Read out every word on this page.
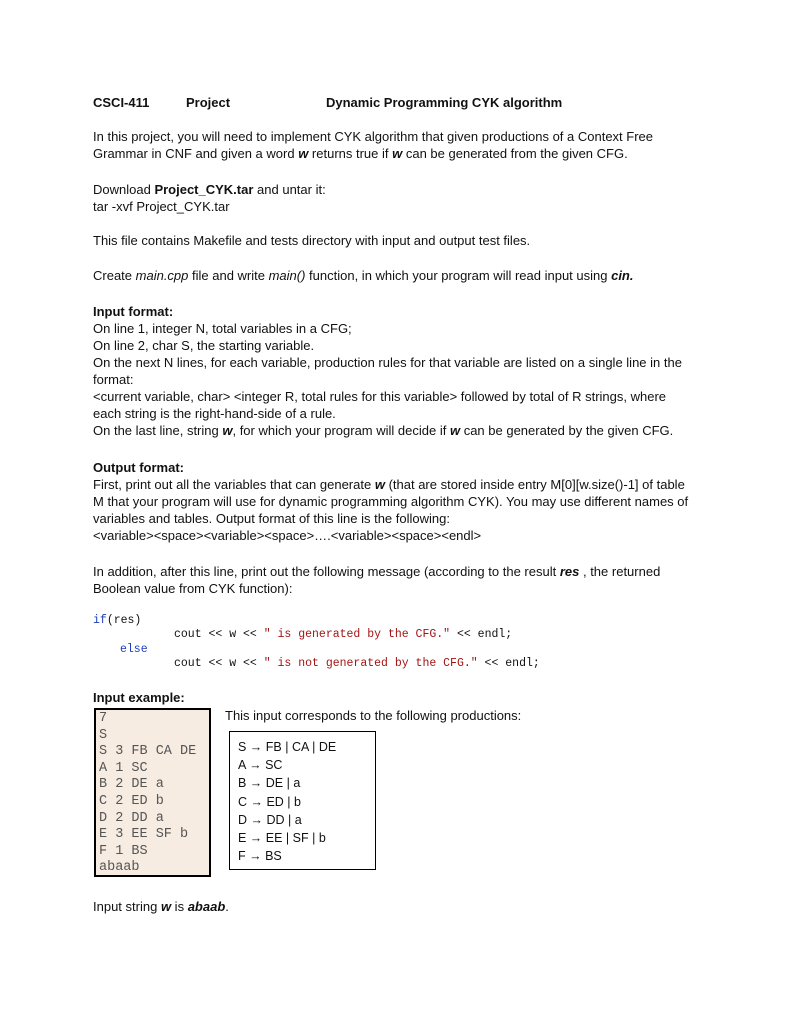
CSCI-411	Project	Dynamic Programming CYK algorithm
In this project, you will need to implement CYK algorithm that given productions of a Context Free
Grammar in CNF and given a word w returns true if w can be generated from the given CFG.
Download Project_CYK.tar and untar it:
tar -xvf Project_CYK.tar
This file contains Makefile and tests directory with input and output test files.
Create main.cpp file and write main() function, in which your program will read input using cin.
Input format:
On line 1, integer N, total variables in a CFG;
On line 2, char S, the starting variable.
On the next N lines, for each variable, production rules for that variable are listed on a single line in the
format:
<current variable, char> <integer R, total rules for this variable> followed by total of R strings, where
each string is the right-hand-side of a rule.
On the last line, string w, for which your program will decide if w can be generated by the given CFG.
Output format:
First, print out all the variables that can generate w (that are stored inside entry M[0][w.size()-1] of table
M that your program will use for dynamic programming algorithm CYK). You may use different names of
variables and tables. Output format of this line is the following:
<variable><space><variable><space>….<variable><space><endl>
In addition, after this line, print out the following message (according to the result res , the returned
Boolean value from CYK function):
if(res)
cout << w << " is generated by the CFG." << endl;
else
cout << w << " is not generated by the CFG." << endl;
Input example:
7
S
S 3 FB CA DE
A 1 SC
B 2 DE a
C 2 ED b
D 2 DD a
E 3 EE SF b
F 1 BS
abaab
This input corresponds to the following productions:
S → FB | CA | DE
A → SC
B → DE | a
C → ED | b
D → DD | a
E → EE | SF | b
F → BS
Input string w is abaab.
